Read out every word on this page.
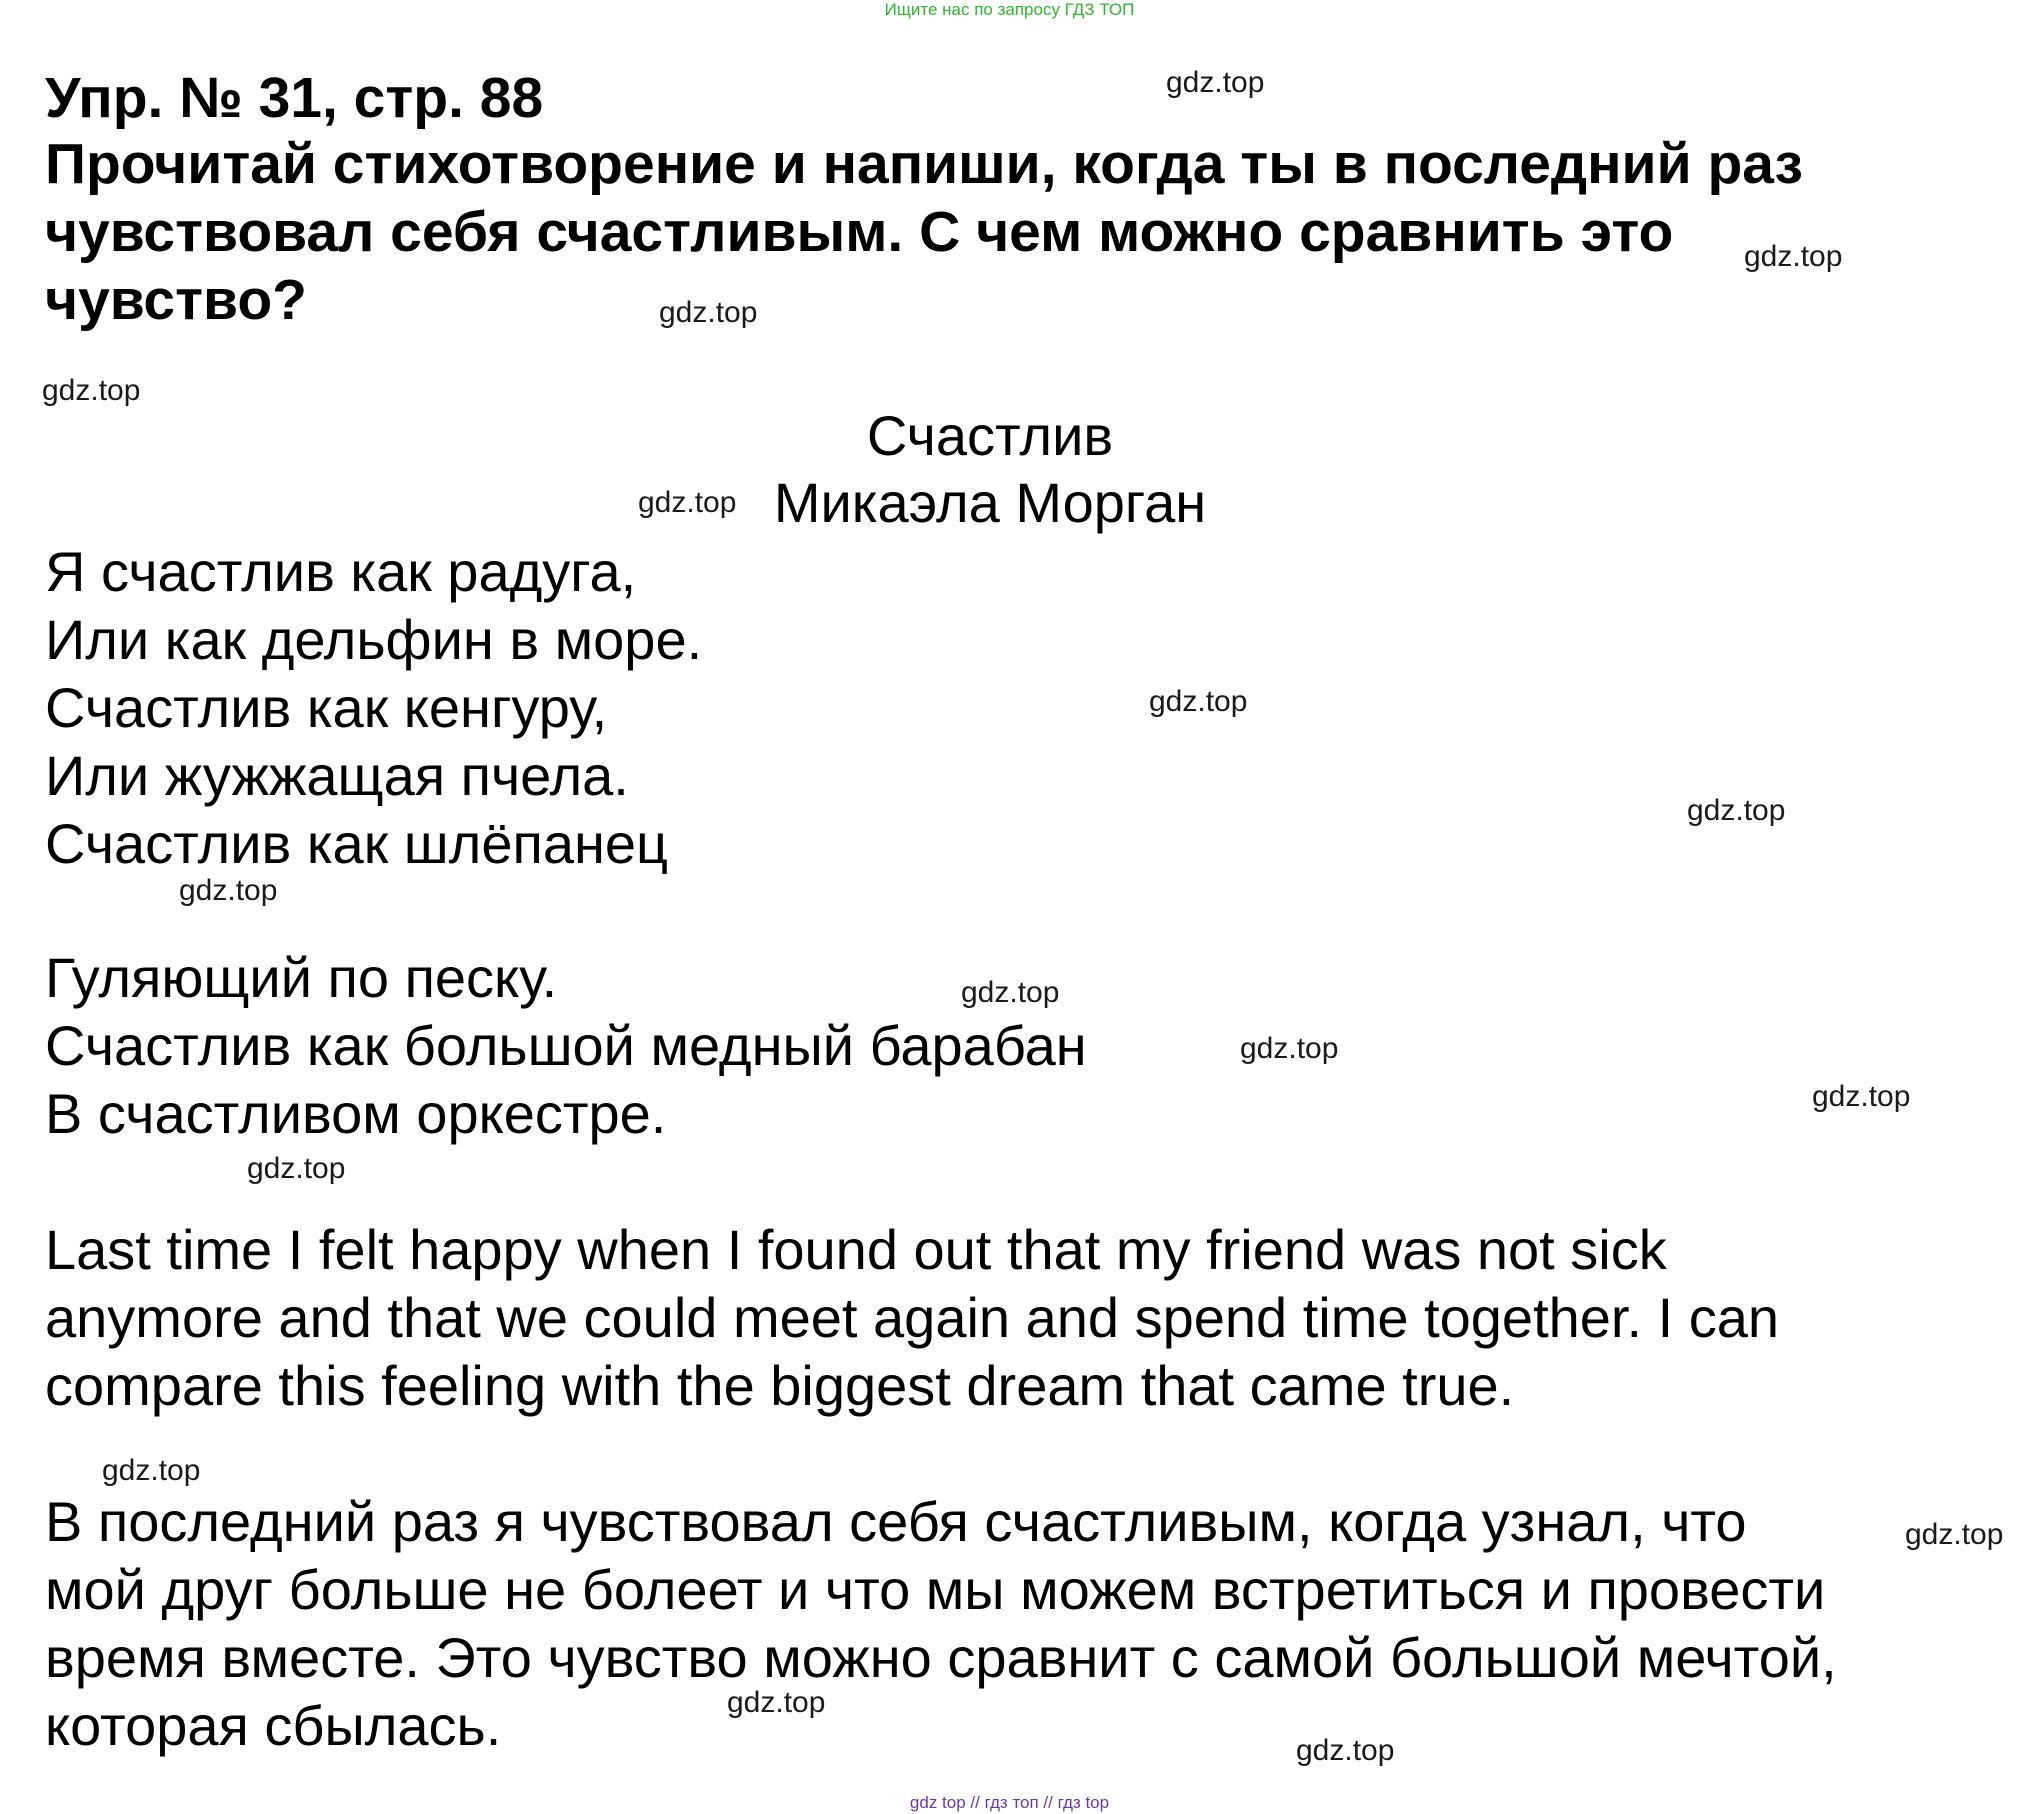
Ищите нас по запросу ГДЗ ТОП
Упр. № 31, стр. 88
Прочитай стихотворение и напиши, когда ты в последний раз
чувствовал себя счастливым. С чем можно сравнить это
чувство?
Счастлив
Микаэла Морган
Я счастлив как радуга,
Или как дельфин в море.
Счастлив как кенгуру,
Или жужжащая пчела.
Счастлив как шлёпанец
Гуляющий по песку.
Счастлив как большой медный барабан
В счастливом оркестре.
Last time I felt happy when I found out that my friend was not sick
anymore and that we could meet again and spend time together. I can
compare this feeling with the biggest dream that came true.
В последний раз я чувствовал себя счастливым, когда узнал, что
мой друг больше не болеет и что мы можем встретиться и провести
время вместе. Это чувство можно сравнит с самой большой мечтой,
которая сбылась.
gdz.top
gdz.top
gdz.top
gdz.top
gdz.top
gdz.top
gdz.top
gdz.top
gdz.top
gdz.top
gdz.top
gdz.top
gdz.top
gdz.top
gdz.top
gdz.top
gdz top // гдз топ // гдз top
